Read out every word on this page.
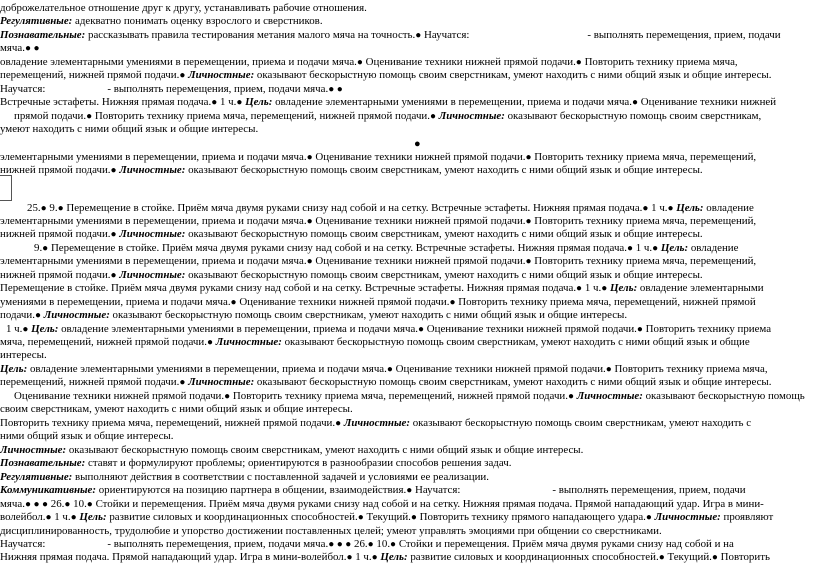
●
доброжелательное отношение друг к другу, устанавливать рабочие отношения.
Регулятивные: адекватно понимать оценку взрослого и сверстников.
Познавательные: рассказывать правила тестирования метания малого мяча на точность.● Научатся:	- выполнять перемещения, прием, подачи
мяча.● ●
овладение элементарными умениями в перемещении, приема и подачи мяча.● Оценивание техники нижней прямой подачи.● Повторить технику приема мяча,
перемещений, нижней прямой подачи.● Личностные: оказывают бескорыстную помощь своим сверстникам, умеют находить с ними общий язык и общие интересы.
Научатся:	- выполнять перемещения, прием, подачи мяча.● ●
Встречные эстафеты. Нижняя прямая подача.● 1 ч.● Цель: овладение элементарными умениями в перемещении, приема и подачи мяча.● Оценивание техники нижней
прямой подачи.● Повторить технику приема мяча, перемещений, нижней прямой подачи.● Личностные: оказывают бескорыстную помощь своим сверстникам,
умеют находить с ними общий язык и общие интересы.
элементарными умениями в перемещении, приема и подачи мяча.● Оценивание техники нижней прямой подачи.● Повторить технику приема мяча, перемещений,
нижней прямой подачи.● Личностные: оказывают бескорыстную помощь своим сверстникам, умеют находить с ними общий язык и общие интересы.
25.● 9.● Перемещение в стойке. Приём мяча двумя руками снизу над собой и на сетку. Встречные эстафеты. Нижняя прямая подача.● 1 ч.● Цель: овладение
элементарными умениями в перемещении, приема и подачи мяча.● Оценивание техники нижней прямой подачи.● Повторить технику приема мяча, перемещений,
нижней прямой подачи.● Личностные: оказывают бескорыстную помощь своим сверстникам, умеют находить с ними общий язык и общие интересы.
9.● Перемещение в стойке. Приём мяча двумя руками снизу над собой и на сетку. Встречные эстафеты. Нижняя прямая подача.● 1 ч.● Цель: овладение
элементарными умениями в перемещении, приема и подачи мяча.● Оценивание техники нижней прямой подачи.● Повторить технику приема мяча, перемещений,
нижней прямой подачи.● Личностные: оказывают бескорыстную помощь своим сверстникам, умеют находить с ними общий язык и общие интересы.
Перемещение в стойке. Приём мяча двумя руками снизу над собой и на сетку. Встречные эстафеты. Нижняя прямая подача.● 1 ч.● Цель: овладение элементарными
умениями в перемещении, приема и подачи мяча.● Оценивание техники нижней прямой подачи.● Повторить технику приема мяча, перемещений, нижней прямой
подачи.● Личностные: оказывают бескорыстную помощь своим сверстникам, умеют находить с ними общий язык и общие интересы.
1 ч.● Цель: овладение элементарными умениями в перемещении, приема и подачи мяча.● Оценивание техники нижней прямой подачи.● Повторить технику приема
мяча, перемещений, нижней прямой подачи.● Личностные: оказывают бескорыстную помощь своим сверстникам, умеют находить с ними общий язык и общие
интересы.
Цель: овладение элементарными умениями в перемещении, приема и подачи мяча.● Оценивание техники нижней прямой подачи.● Повторить технику приема мяча,
перемещений, нижней прямой подачи.● Личностные: оказывают бескорыстную помощь своим сверстникам, умеют находить с ними общий язык и общие интересы.
Оценивание техники нижней прямой подачи.● Повторить технику приема мяча, перемещений, нижней прямой подачи.● Личностные: оказывают бескорыстную помощь
своим сверстникам, умеют находить с ними общий язык и общие интересы.
Повторить технику приема мяча, перемещений, нижней прямой подачи.● Личностные: оказывают бескорыстную помощь своим сверстникам, умеют находить с
ними общий язык и общие интересы.
Личностные: оказывают бескорыстную помощь своим сверстникам, умеют находить с ними общий язык и общие интересы.
Познавательные: ставят и формулируют проблемы; ориентируются в разнообразии способов решения задач.
Регулятивные: выполняют действия в соответствии с поставленной задачей и условиями ее реализации.
Коммуникативные: ориентируются на позицию партнера в общении, взаимодействия.● Научатся:	- выполнять перемещения, прием, подачи
мяча.● ● ● 26.● 10.● Стойки и перемещения. Приём мяча двумя руками снизу над собой и на сетку. Нижняя прямая подача. Прямой нападающий удар. Игра в мини-
волейбол.● 1 ч.● Цель: развитие силовых и координационных способностей.● Текущий.● Повторить технику прямого нападающего удара.● Личностные: проявляют
дисциплинированность, трудолюбие и упорство достижении поставленных целей; умеют управлять эмоциями при общении со сверстниками.
Научатся:	- выполнять перемещения, прием, подачи мяча.● ● ● 26.● 10.● Стойки и перемещения. Приём мяча двумя руками снизу над собой и на
Нижняя прямая подача. Прямой нападающий удар. Игра в мини-волейбол.● 1 ч.● Цель: развитие силовых и координационных способностей.● Текущий.● Повторить
